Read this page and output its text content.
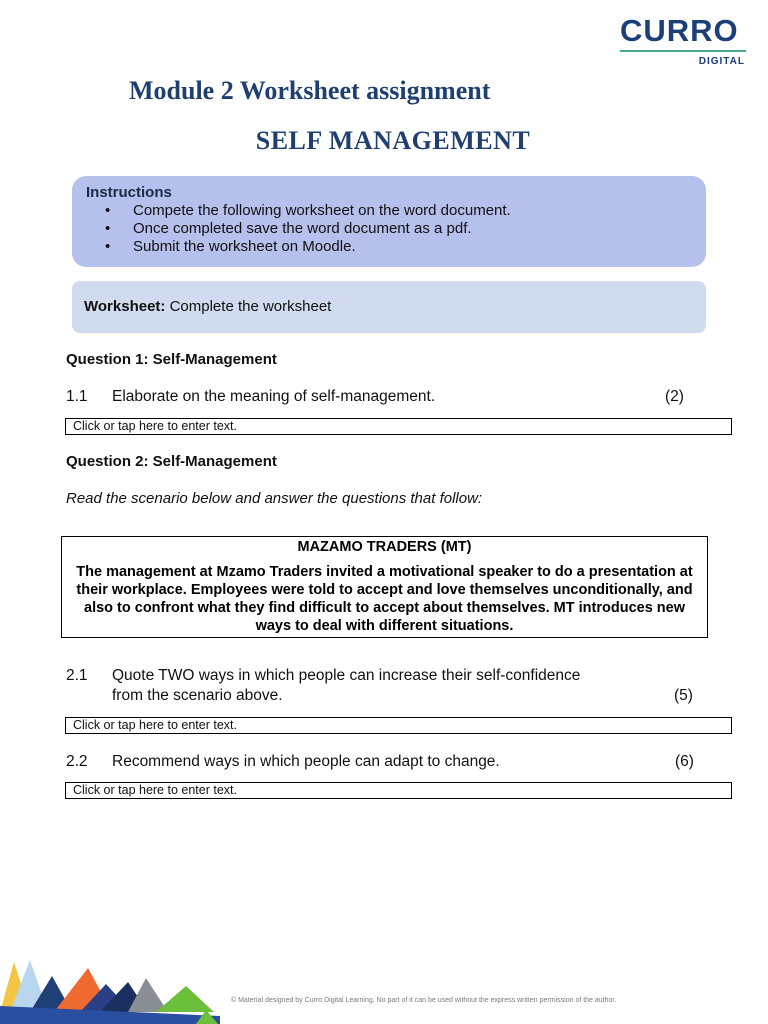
CURRO
DIGITAL
Module 2 Worksheet assignment
SELF MANAGEMENT
Instructions
• Compete the following worksheet on the word document.
• Once completed save the word document as a pdf.
• Submit the worksheet on Moodle.
Worksheet: Complete the worksheet
Question 1: Self-Management
1.1 Elaborate on the meaning of self-management.	(2)
Click or tap here to enter text.
Question 2: Self-Management
Read the scenario below and answer the questions that follow:
MAZAMO TRADERS (MT)
The management at Mzamo Traders invited a motivational speaker to do a presentation at their workplace. Employees were told to accept and love themselves unconditionally, and also to confront what they find difficult to accept about themselves. MT introduces new ways to deal with different situations.
2.1 Quote TWO ways in which people can increase their self-confidence
from the scenario above.	(5)
Click or tap here to enter text.
2.2 Recommend ways in which people can adapt to change.	(6)
Click or tap here to enter text.
© Material designed by Curro Digital Learning. No part of it can be used without the express written permission of the author.
